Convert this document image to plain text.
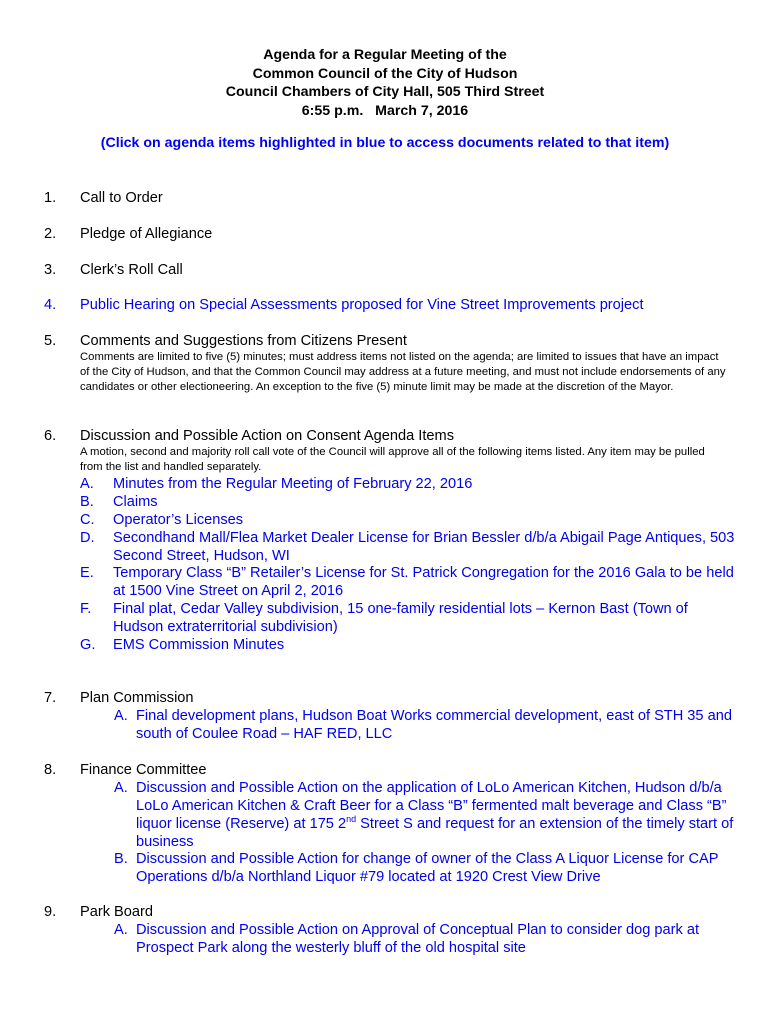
Agenda for a Regular Meeting of the
Common Council of the City of Hudson
Council Chambers of City Hall, 505 Third Street
6:55 p.m.   March 7, 2016
(Click on agenda items highlighted in blue to access documents related to that item)
1. Call to Order
2. Pledge of Allegiance
3. Clerk’s Roll Call
4. Public Hearing on Special Assessments proposed for Vine Street Improvements project
5. Comments and Suggestions from Citizens Present
Comments are limited to five (5) minutes; must address items not listed on the agenda; are limited to issues that have an impact of the City of Hudson, and that the Common Council may address at a future meeting, and must not include endorsements of any candidates or other electioneering. An exception to the five (5) minute limit may be made at the discretion of the Mayor.
6. Discussion and Possible Action on Consent Agenda Items
A motion, second and majority roll call vote of the Council will approve all of the following items listed. Any item may be pulled from the list and handled separately.
A. Minutes from the Regular Meeting of February 22, 2016
B. Claims
C. Operator’s Licenses
D. Secondhand Mall/Flea Market Dealer License for Brian Bessler d/b/a Abigail Page Antiques, 503 Second Street, Hudson, WI
E. Temporary Class “B” Retailer’s License for St. Patrick Congregation for the 2016 Gala to be held at 1500 Vine Street on April 2, 2016
F. Final plat, Cedar Valley subdivision, 15 one-family residential lots – Kernon Bast (Town of Hudson extraterritorial subdivision)
G. EMS Commission Minutes
7. Plan Commission
A. Final development plans, Hudson Boat Works commercial development, east of STH 35 and south of Coulee Road – HAF RED, LLC
8. Finance Committee
A. Discussion and Possible Action on the application of LoLo American Kitchen, Hudson d/b/a LoLo American Kitchen & Craft Beer for a Class “B” fermented malt beverage and Class “B” liquor license (Reserve) at 175 2nd Street S and request for an extension of the timely start of business
B. Discussion and Possible Action for change of owner of the Class A Liquor License for CAP Operations d/b/a Northland Liquor #79 located at 1920 Crest View Drive
9. Park Board
A. Discussion and Possible Action on Approval of Conceptual Plan to consider dog park at Prospect Park along the westerly bluff of the old hospital site
